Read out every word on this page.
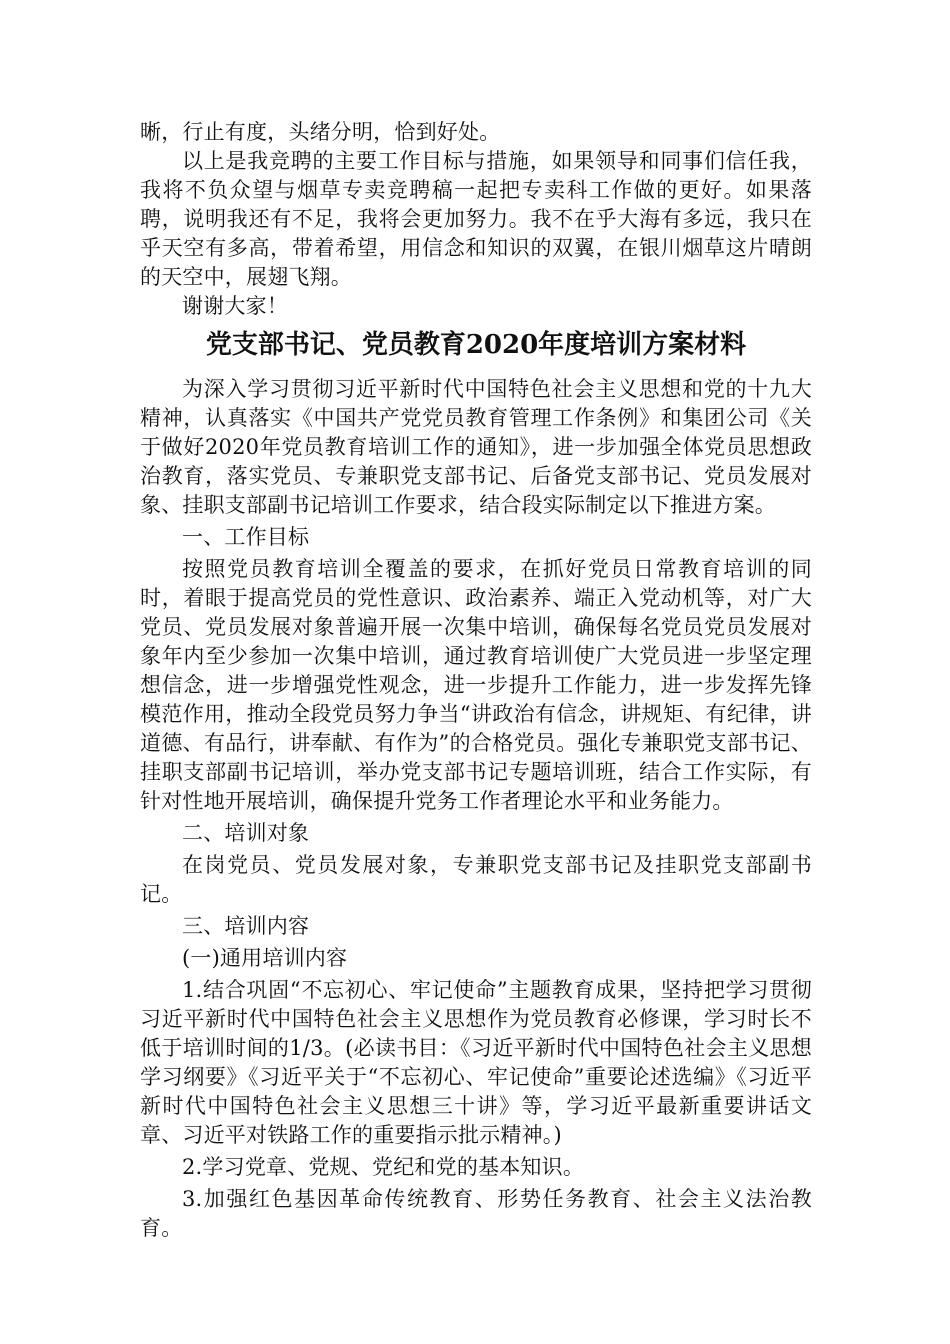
晰，行止有度，头绪分明，恰到好处。

以上是我竞聘的主要工作目标与措施，如果领导和同事们信任我，我将不负众望与烟草专卖竞聘稿一起把专卖科工作做的更好。如果落聘，说明我还有不足，我将会更加努力。我不在乎大海有多远，我只在乎天空有多高，带着希望，用信念和知识的双翼，在银川烟草这片晴朗的天空中，展翅飞翔。

谢谢大家！

党支部书记、党员教育2020年度培训方案材料

为深入学习贯彻习近平新时代中国特色社会主义思想和党的十九大精神，认真落实《中国共产党党员教育管理工作条例》和集团公司《关于做好2020年党员教育培训工作的通知》，进一步加强全体党员思想政治教育，落实党员、专兼职党支部书记、后备党支部书记、党员发展对象、挂职支部副书记培训工作要求，结合段实际制定以下推进方案。

一、工作目标

按照党员教育培训全覆盖的要求，在抓好党员日常教育培训的同时，着眼于提高党员的党性意识、政治素养、端正入党动机等，对广大党员、党员发展对象普遍开展一次集中培训，确保每名党员党员发展对象年内至少参加一次集中培训，通过教育培训使广大党员进一步坚定理想信念，进一步增强党性观念，进一步提升工作能力，进一步发挥先锋模范作用，推动全段党员努力争当“讲政治有信念，讲规矩、有纪律，讲道德、有品行，讲奉献、有作为”的合格党员。强化专兼职党支部书记、挂职支部副书记培训，举办党支部书记专题培训班，结合工作实际，有针对性地开展培训，确保提升党务工作者理论水平和业务能力。

二、培训对象

在岗党员、党员发展对象，专兼职党支部书记及挂职党支部副书记。

三、培训内容

(一)通用培训内容

1.结合巩固“不忘初心、牢记使命”主题教育成果，坚持把学习贯彻习近平新时代中国特色社会主义思想作为党员教育必修课，学习时长不低于培训时间的1/3。(必读书目：《习近平新时代中国特色社会主义思想学习纲要》《习近平关于“不忘初心、牢记使命”重要论述选编》《习近平新时代中国特色社会主义思想三十讲》等，学习近平最新重要讲话文章、习近平对铁路工作的重要指示批示精神。)

2.学习党章、党规、党纪和党的基本知识。

3.加强红色基因革命传统教育、形势任务教育、社会主义法治教育。
